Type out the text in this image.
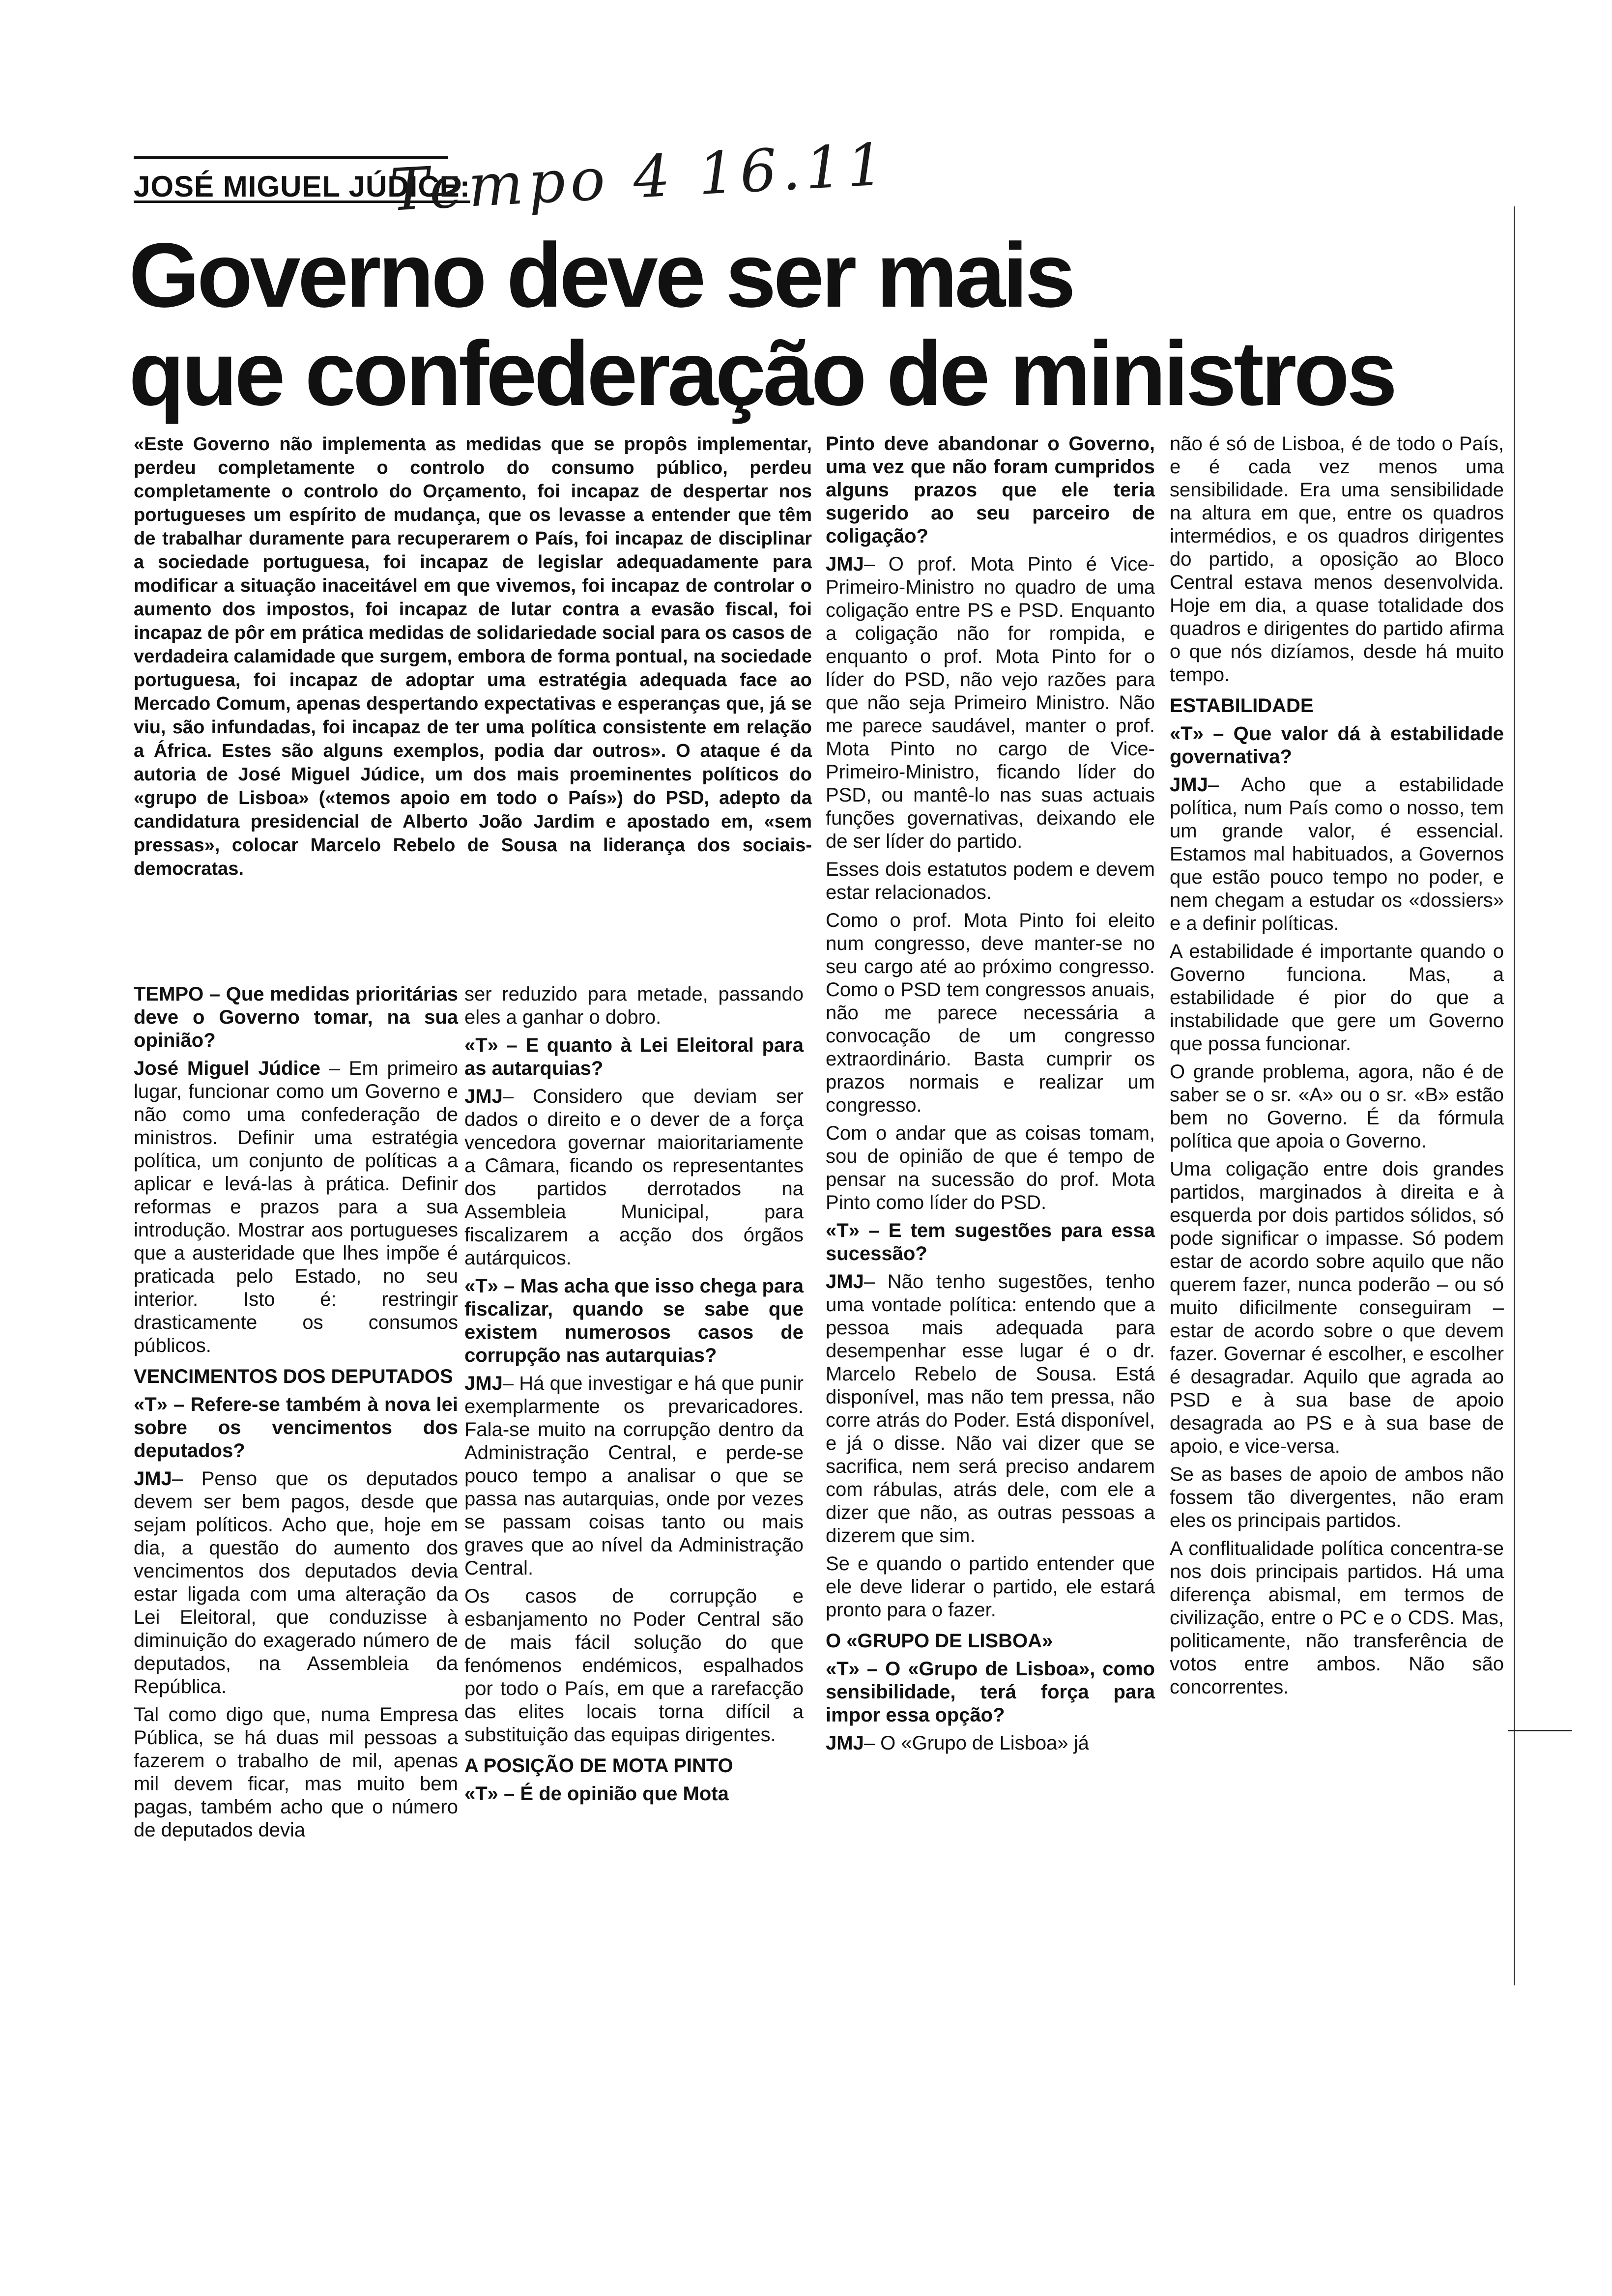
JOSÉ MIGUEL JÚDICE:
Tempo 4 16.11
Governo deve ser mais
que confederação de ministros

«Este Governo não implementa as medidas que se propôs implementar, perdeu completamente o controlo do consumo público, perdeu completamente o controlo do Orçamento, foi incapaz de despertar nos portugueses um espírito de mudança, que os levasse a entender que têm de trabalhar duramente para recuperarem o País, foi incapaz de disciplinar a sociedade portuguesa, foi incapaz de legislar adequadamente para modificar a situação inaceitável em que vivemos, foi incapaz de controlar o aumento dos impostos, foi incapaz de lutar contra a evasão fiscal, foi incapaz de pôr em prática medidas de solidariedade social para os casos de verdadeira calamidade que surgem, embora de forma pontual, na sociedade portuguesa, foi incapaz de adoptar uma estratégia adequada face ao Mercado Comum, apenas despertando expectativas e esperanças que, já se viu, são infundadas, foi incapaz de ter uma política consistente em relação a África. Estes são alguns exemplos, podia dar outros». O ataque é da autoria de José Miguel Júdice, um dos mais proeminentes políticos do «grupo de Lisboa» («temos apoio em todo o País») do PSD, adepto da candidatura presidencial de Alberto João Jardim e apostado em, «sem pressas», colocar Marcelo Rebelo de Sousa na liderança dos sociais-democratas.

TEMPO – Que medidas prioritárias deve o Governo tomar, na sua opinião?

José Miguel Júdice – Em primeiro lugar, funcionar como um Governo e não como uma confederação de ministros. Definir uma estratégia política, um conjunto de políticas a aplicar e levá-las à prática. Definir reformas e prazos para a sua introdução. Mostrar aos portugueses que a austeridade que lhes impõe é praticada pelo Estado, no seu interior. Isto é: restringir drasticamente os consumos públicos.

VENCIMENTOS DOS DEPUTADOS

«T» – Refere-se também à nova lei sobre os vencimentos dos deputados?

JMJ– Penso que os deputados devem ser bem pagos, desde que sejam políticos. Acho que, hoje em dia, a questão do aumento dos vencimentos dos deputados devia estar ligada com uma alteração da Lei Eleitoral, que conduzisse à diminuição do exagerado número de deputados, na Assembleia da República.

Tal como digo que, numa Empresa Pública, se há duas mil pessoas a fazerem o trabalho de mil, apenas mil devem ficar, mas muito bem pagas, também acho que o número de deputados devia

ser reduzido para metade, passando eles a ganhar o dobro.

«T» – E quanto à Lei Eleitoral para as autarquias?

JMJ– Considero que deviam ser dados o direito e o dever de a força vencedora governar maioritariamente a Câmara, ficando os representantes dos partidos derrotados na Assembleia Municipal, para fiscalizarem a acção dos órgãos autárquicos.

«T» – Mas acha que isso chega para fiscalizar, quando se sabe que existem numerosos casos de corrupção nas autarquias?

JMJ– Há que investigar e há que punir exemplarmente os prevaricadores. Fala-se muito na corrupção dentro da Administração Central, e perde-se pouco tempo a analisar o que se passa nas autarquias, onde por vezes se passam coisas tanto ou mais graves que ao nível da Administração Central.

Os casos de corrupção e esbanjamento no Poder Central são de mais fácil solução do que fenómenos endémicos, espalhados por todo o País, em que a rarefacção das elites locais torna difícil a substituição das equipas dirigentes.

A POSIÇÃO DE MOTA PINTO

«T» – É de opinião que Mota

Pinto deve abandonar o Governo, uma vez que não foram cumpridos alguns prazos que ele teria sugerido ao seu parceiro de coligação?

JMJ– O prof. Mota Pinto é Vice-Primeiro-Ministro no quadro de uma coligação entre PS e PSD. Enquanto a coligação não for rompida, e enquanto o prof. Mota Pinto for o líder do PSD, não vejo razões para que não seja Primeiro Ministro. Não me parece saudável, manter o prof. Mota Pinto no cargo de Vice-Primeiro-Ministro, ficando líder do PSD, ou mantê-lo nas suas actuais funções governativas, deixando ele de ser líder do partido.

Esses dois estatutos podem e devem estar relacionados.

Como o prof. Mota Pinto foi eleito num congresso, deve manter-se no seu cargo até ao próximo congresso. Como o PSD tem congressos anuais, não me parece necessária a convocação de um congresso extraordinário. Basta cumprir os prazos normais e realizar um congresso.

Com o andar que as coisas tomam, sou de opinião de que é tempo de pensar na sucessão do prof. Mota Pinto como líder do PSD.

«T» – E tem sugestões para essa sucessão?

JMJ– Não tenho sugestões, tenho uma vontade política: entendo que a pessoa mais adequada para desempenhar esse lugar é o dr. Marcelo Rebelo de Sousa. Está disponível, mas não tem pressa, não corre atrás do Poder. Está disponível, e já o disse. Não vai dizer que se sacrifica, nem será preciso andarem com rábulas, atrás dele, com ele a dizer que não, as outras pessoas a dizerem que sim.

Se e quando o partido entender que ele deve liderar o partido, ele estará pronto para o fazer.

O «GRUPO DE LISBOA»

«T» – O «Grupo de Lisboa», como sensibilidade, terá força para impor essa opção?

JMJ– O «Grupo de Lisboa» já

não é só de Lisboa, é de todo o País, e é cada vez menos uma sensibilidade. Era uma sensibilidade na altura em que, entre os quadros intermédios, e os quadros dirigentes do partido, a oposição ao Bloco Central estava menos desenvolvida. Hoje em dia, a quase totalidade dos quadros e dirigentes do partido afirma o que nós dizíamos, desde há muito tempo.

ESTABILIDADE

«T» – Que valor dá à estabilidade governativa?

JMJ– Acho que a estabilidade política, num País como o nosso, tem um grande valor, é essencial. Estamos mal habituados, a Governos que estão pouco tempo no poder, e nem chegam a estudar os «dossiers» e a definir políticas.

A estabilidade é importante quando o Governo funciona. Mas, a estabilidade é pior do que a instabilidade que gere um Governo que possa funcionar.

O grande problema, agora, não é de saber se o sr. «A» ou o sr. «B» estão bem no Governo. É da fórmula política que apoia o Governo.

Uma coligação entre dois grandes partidos, marginados à direita e à esquerda por dois partidos sólidos, só pode significar o impasse. Só podem estar de acordo sobre aquilo que não querem fazer, nunca poderão – ou só muito dificilmente conseguiram – estar de acordo sobre o que devem fazer. Governar é escolher, e escolher é desagradar. Aquilo que agrada ao PSD e à sua base de apoio desagrada ao PS e à sua base de apoio, e vice-versa.

Se as bases de apoio de ambos não fossem tão divergentes, não eram eles os principais partidos.

A conflitualidade política concentra-se nos dois principais partidos. Há uma diferença abismal, em termos de civilização, entre o PC e o CDS. Mas, politicamente, não transferência de votos entre ambos. Não são concorrentes.
